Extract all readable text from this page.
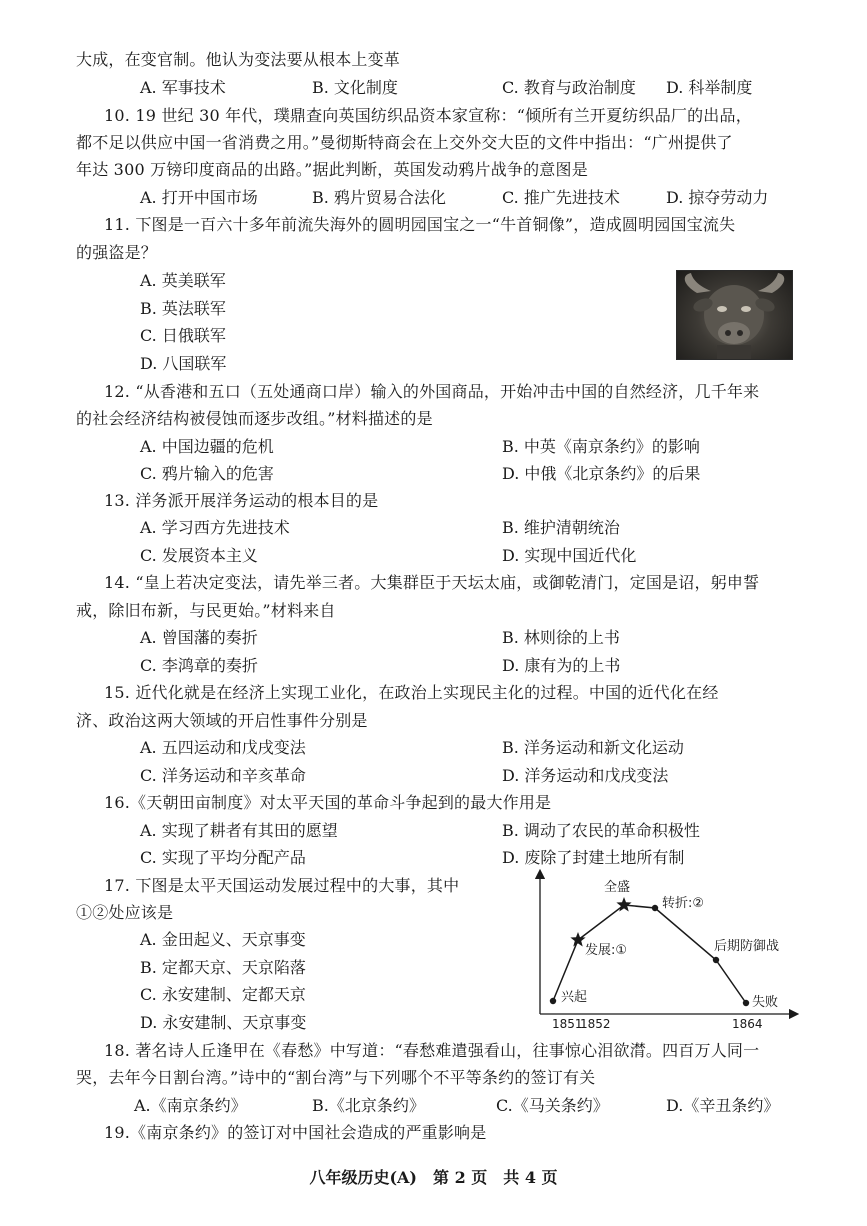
大成，在变官制。他认为变法要从根本上变革
A. 军事技术	B. 文化制度	C. 教育与政治制度 D. 科举制度
10. 19 世纪 30 年代，璞鼎查向英国纺织品资本家宣称：“倾所有兰开夏纺织品厂的出品，
都不足以供应中国一省消费之用。”曼彻斯特商会在上交外交大臣的文件中指出：“广州提供了
年达 300 万镑印度商品的出路。”据此判断，英国发动鸦片战争的意图是
A. 打开中国市场	B. 鸦片贸易合法化	C. 推广先进技术	D. 掠夺劳动力
11. 下图是一百六十多年前流失海外的圆明园国宝之一“牛首铜像”，造成圆明园国宝流失
的强盗是？
A. 英美联军
B. 英法联军
C. 日俄联军
D. 八国联军
12. “从香港和五口（五处通商口岸）输入的外国商品，开始冲击中国的自然经济，几千年来
的社会经济结构被侵蚀而逐步改组。”材料描述的是
A. 中国边疆的危机	B. 中英《南京条约》的影响
C. 鸦片输入的危害	D. 中俄《北京条约》的后果
13. 洋务派开展洋务运动的根本目的是
A. 学习西方先进技术	B. 维护清朝统治
C. 发展资本主义	D. 实现中国近代化
14. “皇上若决定变法，请先举三者。大集群臣于天坛太庙，或御乾清门，定国是诏，躬申誓
戒，除旧布新，与民更始。”材料来自
A. 曾国藩的奏折	B. 林则徐的上书
C. 李鸿章的奏折	D. 康有为的上书
15. 近代化就是在经济上实现工业化，在政治上实现民主化的过程。中国的近代化在经
济、政治这两大领域的开启性事件分别是
A. 五四运动和戊戌变法	B. 洋务运动和新文化运动
C. 洋务运动和辛亥革命	D. 洋务运动和戊戌变法
16.《天朝田亩制度》对太平天国的革命斗争起到的最大作用是
A. 实现了耕者有其田的愿望	B. 调动了农民的革命积极性
C. 实现了平均分配产品	D. 废除了封建土地所有制
17. 下图是太平天国运动发展过程中的大事，其中
①②处应该是
A. 金田起义、天京事变
B. 定都天京、天京陷落
C. 永安建制、定都天京
D. 永安建制、天京事变	1851
1852	1864
兴起
发展:①
全盛
转折:②
后期防御战
失败
18. 著名诗人丘逢甲在《春愁》中写道：“春愁难遣强看山，往事惊心泪欲潸。四百万人同一
哭，去年今日割台湾。”诗中的“割台湾”与下列哪个不平等条约的签订有关
A.《南京条约》	B.《北京条约》	C.《马关条约》	D.《辛丑条约》
19.《南京条约》的签订对中国社会造成的严重影响是
八年级历史(A)　第 2 页　共 4 页
